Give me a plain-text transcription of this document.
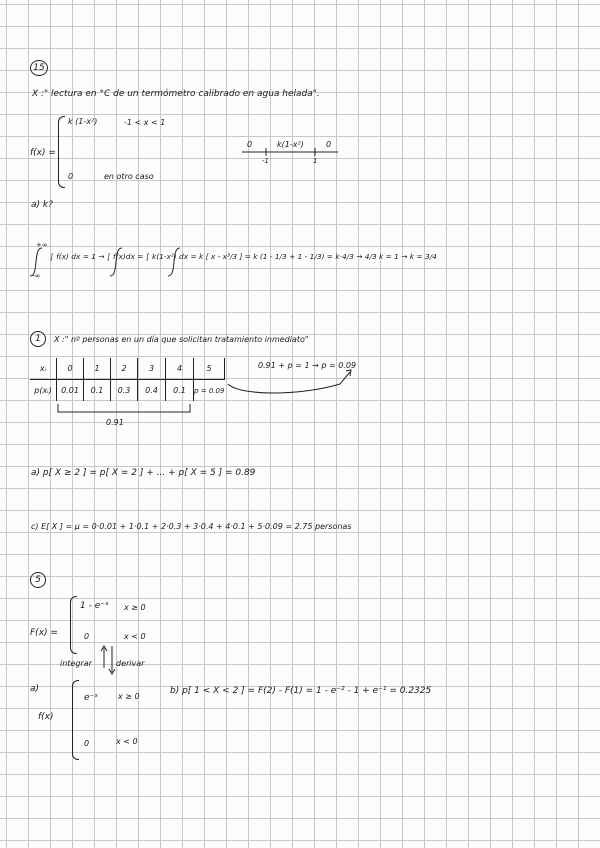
15
X :" lectura en °C de un termómetro calibrado en agua helada".
f(x) =
k (1-x²)	-1 < x < 1
0	en otro caso
0	k(1-x²)	0
-1	1
a) k?
+∞
-∞
∫ f(x) dx = 1 → ∫ f(x)dx = ∫ k(1-x²) dx = k [ x - x³/3 ] = k (1 - 1/3 + 1 - 1/3) = k·4/3 → 4/3 k = 1 → k = 3/4
1	X :" nº personas en un día que solicitan tratamiento inmediato"
xᵢ	0	1	2	3	4	5
p(xᵢ)	0.01	0.1	0.3	0.4	0.1	p = 0.09
0.91 + p = 1 → p = 0.09
0.91
a) p[ X ≥ 2 ] = p[ X = 2 ] + ... + p[ X = 5 ] = 0.89
c) E[ X ] = μ = 0·0.01 + 1·0.1 + 2·0.3 + 3·0.4 + 4·0.1 + 5·0.09 = 2.75 personas
5
F(x) =
1 - e⁻ˣ x ≥ 0
0	x < 0
integrar	derivar
a)
f(x)
e⁻ˣ x ≥ 0
0	x < 0
b) p[ 1 < X < 2 ] = F(2) - F(1) = 1 - e⁻² - 1 + e⁻¹ = 0.2325
